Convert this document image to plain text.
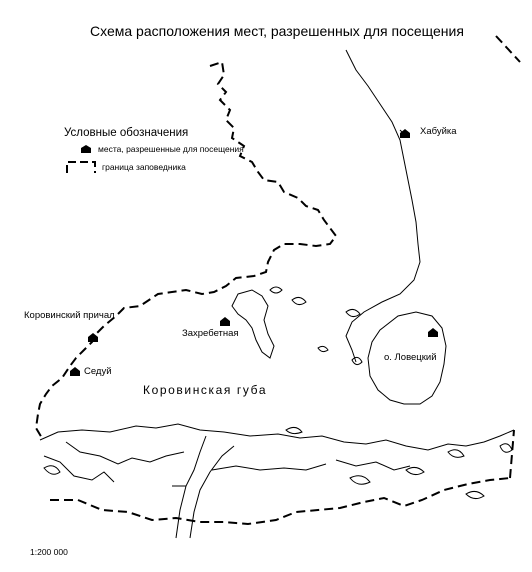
Схема расположения мест, разрешенных для посещения
Условные обозначения
места, разрешенные для посещения
граница заповедника
Хабуйка
Коровинский причал
Захребетная
Седуй
о. Ловецкий
Коровинская губа
1:200 000
